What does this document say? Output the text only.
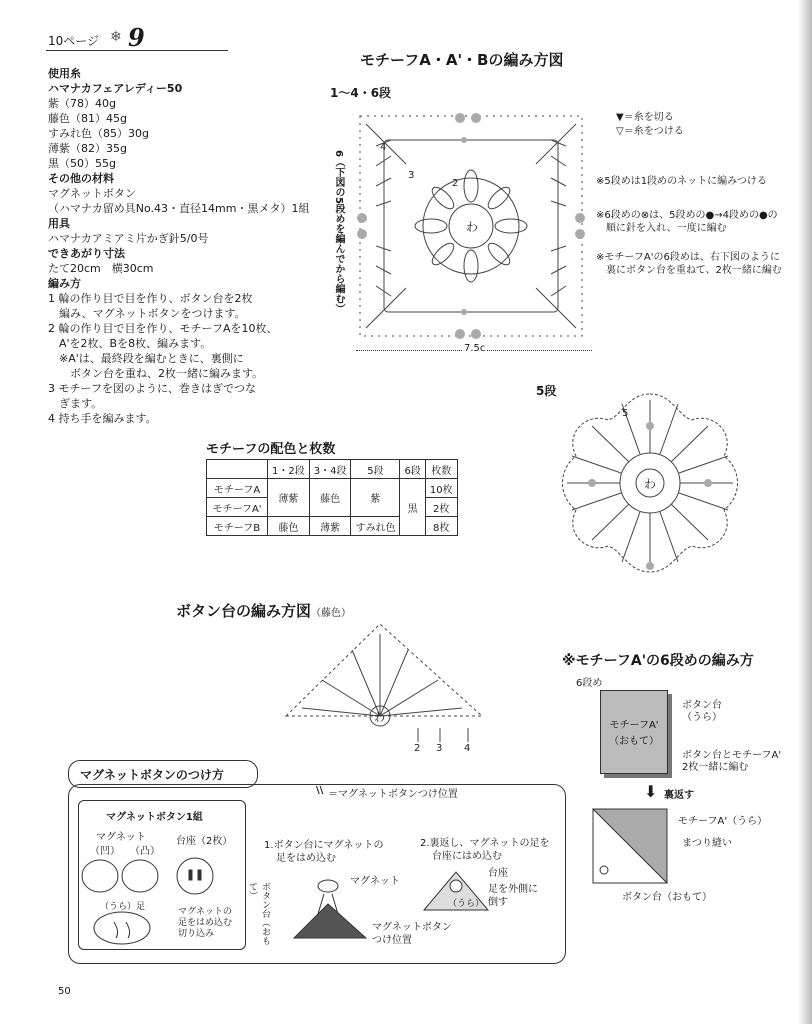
10ページ ❄ 9
使用糸
ハマナカフェアレディー50
紫（78）40g
藤色（81）45g
すみれ色（85）30g
薄紫（82）35g
黒（50）55g
その他の材料
マグネットボタン
（ハマナカ留め具No.43・直径14mm・黒メタ）1組
用具
ハマナカアミアミ片かぎ針5/0号
できあがり寸法
たて20cm　横30cm
編み方
1 輪の作り目で目を作り、ボタン台を2枚
　編み、マグネットボタンをつけます。
2 輪の作り目で目を作り、モチーフAを10枚、
　A'を2枚、Bを8枚、編みます。
　※A'は、最終段を編むときに、裏側に
　　ボタン台を重ね、2枚一緒に編みます。
3 モチーフを図のように、巻きはぎでつな
　ぎます。
4 持ち手を編みます。
モチーフA・A'・Bの編み方図
1〜4・6段
6（下図の5段めを編んでから編む）	わ
2
3
4
7.5c
▼＝糸を切る
▽＝糸をつける
※5段めは1段めのネットに編みつける
※6段めの⊗は、5段めの●→4段めの●の
　順に針を入れ、一度に編む
※モチーフA'の6段めは、右下図のように
　裏にボタン台を重ねて、2枚一緒に編む
5段
わ
5
モチーフの配色と枚数
	1・2段	3・4段	5段	6段	枚数
モチーフA	薄紫	藤色	紫	黒	10枚
モチーフA'					2枚
モチーフB	藤色	薄紫	すみれ色		8枚
ボタン台の編み方図（藤色）
わ
2 3 4
※モチーフA'の6段めの編み方
6段め
モチーフA'
（おもて）
ボタン台
（うら）
ボタン台とモチーフA'
2枚一緒に編む
⬇ 裏返す
モチーフA'（うら）
まつり縫い
ボタン台（おもて）
マグネットボタンのつけ方
\\ ＝マグネットボタンつけ位置
マグネットボタン1組
マグネット
（凹） （凸）
台座（2枚）
（うら） 足	マグネットの
足をはめ込む
切り込み
1.ボタン台にマグネットの
足をはめ込む
マグネット
ボタン台（おもて）
マグネットボタン
つけ位置
2.裏返し、マグネットの足を
台座にはめ込む
台座
（うら）
足を外側に
倒す
50
